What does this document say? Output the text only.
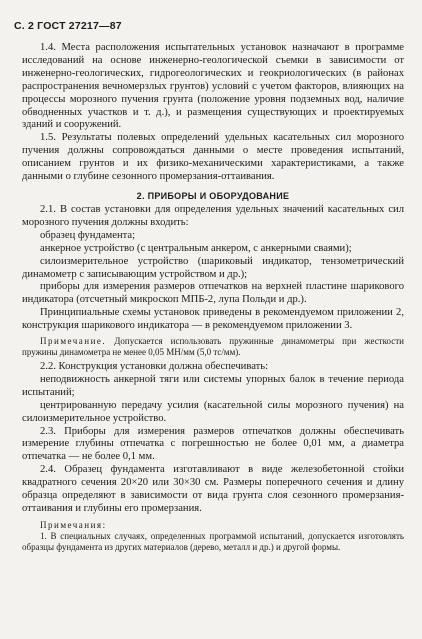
С. 2 ГОСТ 27217—87

1.4. Места расположения испытательных установок назначают в программе исследований на основе инженерно-геологической съемки в зависимости от инженерно-геологических, гидрогеологических и геокриологических (в районах распространения вечномерзлых грунтов) условий с учетом факторов, влияющих на процессы морозного пучения грунта (положение уровня подземных вод, наличие обводненных участков и т. д.), и размещения существующих и проектируемых зданий и сооружений.

1.5. Результаты полевых определений удельных касательных сил морозного пучения должны сопровождаться данными о месте проведения испытаний, описанием грунтов и их физико-механическими характеристиками, а также данными о глубине сезонного промерзания-оттаивания.

2. ПРИБОРЫ И ОБОРУДОВАНИЕ

2.1. В состав установки для определения удельных значений касательных сил морозного пучения должны входить:

образец фундамента;

анкерное устройство (с центральным анкером, с анкерными сваями);

силоизмерительное устройство (шариковый индикатор, тензометрический динамометр с записывающим устройством и др.);

приборы для измерения размеров отпечатков на верхней пластине шарикового индикатора (отсчетный микроскоп МПБ-2, лупа Польди и др.).

Принципиальные схемы установок приведены в рекомендуемом приложении 2, конструкция шарикового индикатора — в рекомендуемом приложении 3.

Примечание. Допускается использовать пружинные динамометры при жесткости пружины динамометра не менее 0,05 МН/мм (5,0 тс/мм).

2.2. Конструкция установки должна обеспечивать:

неподвижность анкерной тяги или системы упорных балок в течение периода испытаний;

центрированную передачу усилия (касательной силы морозного пучения) на силоизмерительное устройство.

2.3. Приборы для измерения размеров отпечатков должны обеспечивать измерение глубины отпечатка с погрешностью не более 0,01 мм, а диаметра отпечатка — не более 0,1 мм.

2.4. Образец фундамента изготавливают в виде железобетонной стойки квадратного сечения 20×20 или 30×30 см. Размеры поперечного сечения и длину образца определяют в зависимости от вида грунта слоя сезонного промерзания-оттаивания и глубины его промерзания.

Примечания:

1. В специальных случаях, определенных программой испытаний, допускается изготовлять образцы фундамента из других материалов (дерево, металл и др.) и другой формы.
